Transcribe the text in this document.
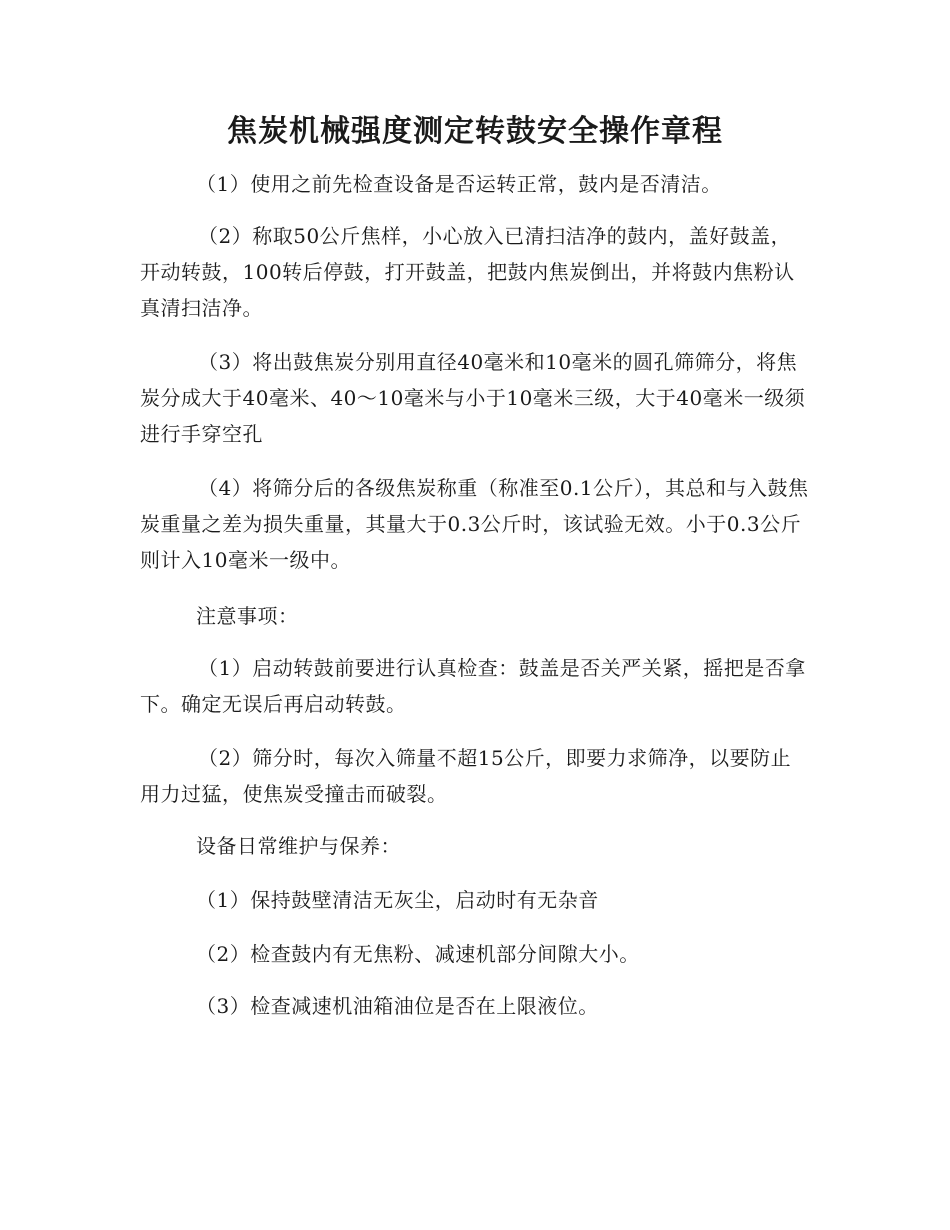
焦炭机械强度测定转鼓安全操作章程

（1）使用之前先检查设备是否运转正常，鼓内是否清洁。

（2）称取50公斤焦样，小心放入已清扫洁净的鼓内，盖好鼓盖，开动转鼓，100转后停鼓，打开鼓盖，把鼓内焦炭倒出，并将鼓内焦粉认真清扫洁净。

（3）将出鼓焦炭分别用直径40毫米和10毫米的圆孔筛筛分，将焦炭分成大于40毫米、40～10毫米与小于10毫米三级，大于40毫米一级须进行手穿空孔

（4）将筛分后的各级焦炭称重（称准至0.1公斤），其总和与入鼓焦炭重量之差为损失重量，其量大于0.3公斤时，该试验无效。小于0.3公斤则计入10毫米一级中。

注意事项：

（1）启动转鼓前要进行认真检查：鼓盖是否关严关紧，摇把是否拿下。确定无误后再启动转鼓。

（2）筛分时，每次入筛量不超15公斤，即要力求筛净，以要防止用力过猛，使焦炭受撞击而破裂。

设备日常维护与保养：

（1）保持鼓壁清洁无灰尘，启动时有无杂音

（2）检查鼓内有无焦粉、减速机部分间隙大小。

（3）检查减速机油箱油位是否在上限液位。
